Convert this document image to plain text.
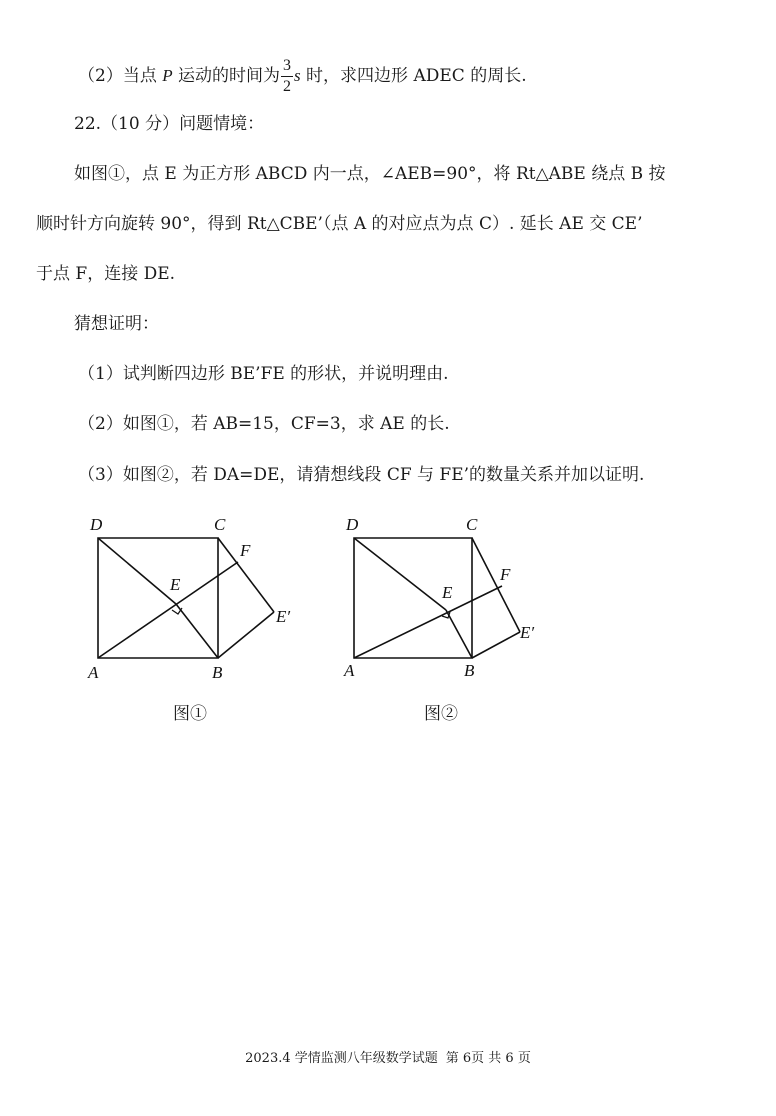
（2）当点 P 运动的时间为 $\frac{3}{2}$ s 时，求四边形 ADEC 的周长.
22.（10 分）问题情境：
如图①，点 E 为正方形 ABCD 内一点，∠AEB=90°，将 Rt△ABE 绕点 B 按
顺时针方向旋转 90°，得到 Rt△CBE’（点 A 的对应点为点 C）. 延长 AE 交 CE’
于点 F，连接 DE.
猜想证明：
（1）试判断四边形 BE’FE 的形状，并说明理由.
（2）如图①，若 AB=15，CF=3，求 AE 的长.
（3）如图②，若 DA=DE，请猜想线段 CF 与 FE’的数量关系并加以证明.
D	C
F
E
E′
A	B
图①
D	C
F
E
E′
A	B
图②
2023.4 学情监测八年级数学试题 第 6页 共 6 页
